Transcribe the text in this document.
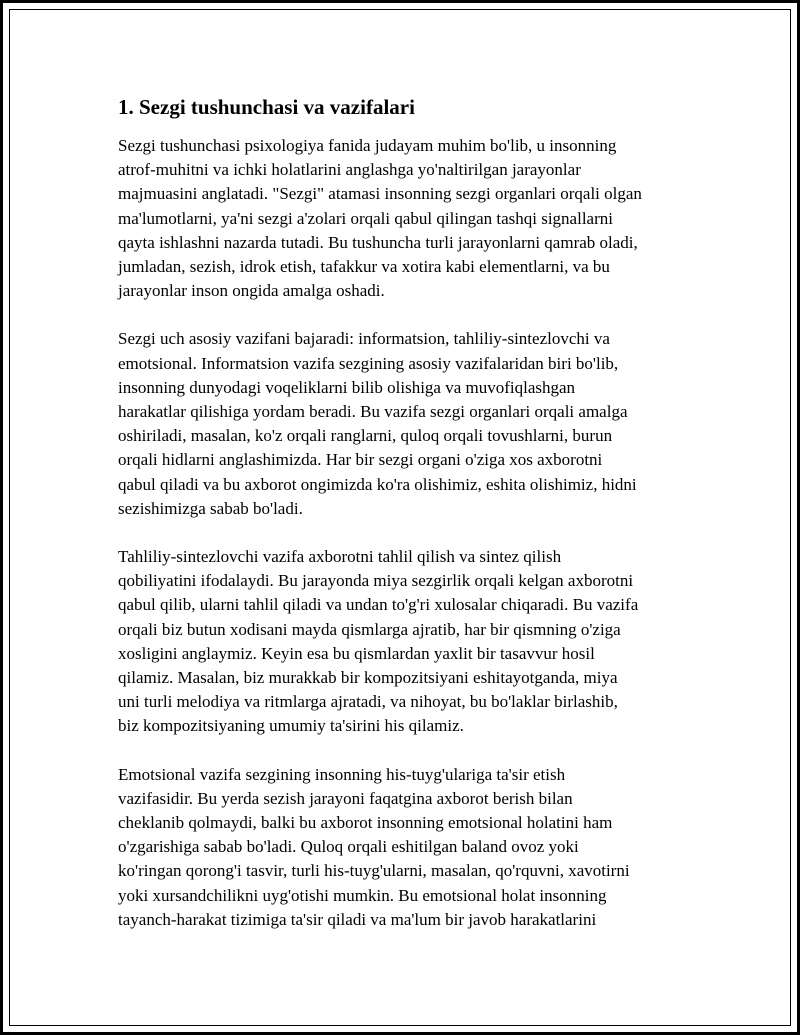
1. Sezgi tushunchasi va vazifalari

Sezgi tushunchasi psixologiya fanida judayam muhim bo'lib, u insonning
atrof-muhitni va ichki holatlarini anglashga yo'naltirilgan jarayonlar
majmuasini anglatadi. "Sezgi" atamasi insonning sezgi organlari orqali olgan
ma'lumotlarni, ya'ni sezgi a'zolari orqali qabul qilingan tashqi signallarni
qayta ishlashni nazarda tutadi. Bu tushuncha turli jarayonlarni qamrab oladi,
jumladan, sezish, idrok etish, tafakkur va xotira kabi elementlarni, va bu
jarayonlar inson ongida amalga oshadi.

Sezgi uch asosiy vazifani bajaradi: informatsion, tahliliy-sintezlovchi va
emotsional. Informatsion vazifa sezgining asosiy vazifalaridan biri bo'lib,
insonning dunyodagi voqeliklarni bilib olishiga va muvofiqlashgan
harakatlar qilishiga yordam beradi. Bu vazifa sezgi organlari orqali amalga
oshiriladi, masalan, ko'z orqali ranglarni, quloq orqali tovushlarni, burun
orqali hidlarni anglashimizda. Har bir sezgi organi o'ziga xos axborotni
qabul qiladi va bu axborot ongimizda ko'ra olishimiz, eshita olishimiz, hidni
sezishimizga sabab bo'ladi.

Tahliliy-sintezlovchi vazifa axborotni tahlil qilish va sintez qilish
qobiliyatini ifodalaydi. Bu jarayonda miya sezgirlik orqali kelgan axborotni
qabul qilib, ularni tahlil qiladi va undan to'g'ri xulosalar chiqaradi. Bu vazifa
orqali biz butun xodisani mayda qismlarga ajratib, har bir qismning o'ziga
xosligini anglaymiz. Keyin esa bu qismlardan yaxlit bir tasavvur hosil
qilamiz. Masalan, biz murakkab bir kompozitsiyani eshitayotganda, miya
uni turli melodiya va ritmlarga ajratadi, va nihoyat, bu bo'laklar birlashib,
biz kompozitsiyaning umumiy ta'sirini his qilamiz.

Emotsional vazifa sezgining insonning his-tuyg'ulariga ta'sir etish
vazifasidir. Bu yerda sezish jarayoni faqatgina axborot berish bilan
cheklanib qolmaydi, balki bu axborot insonning emotsional holatini ham
o'zgarishiga sabab bo'ladi. Quloq orqali eshitilgan baland ovoz yoki
ko'ringan qorong'i tasvir, turli his-tuyg'ularni, masalan, qo'rquvni, xavotirni
yoki xursandchilikni uyg'otishi mumkin. Bu emotsional holat insonning
tayanch-harakat tizimiga ta'sir qiladi va ma'lum bir javob harakatlarini
